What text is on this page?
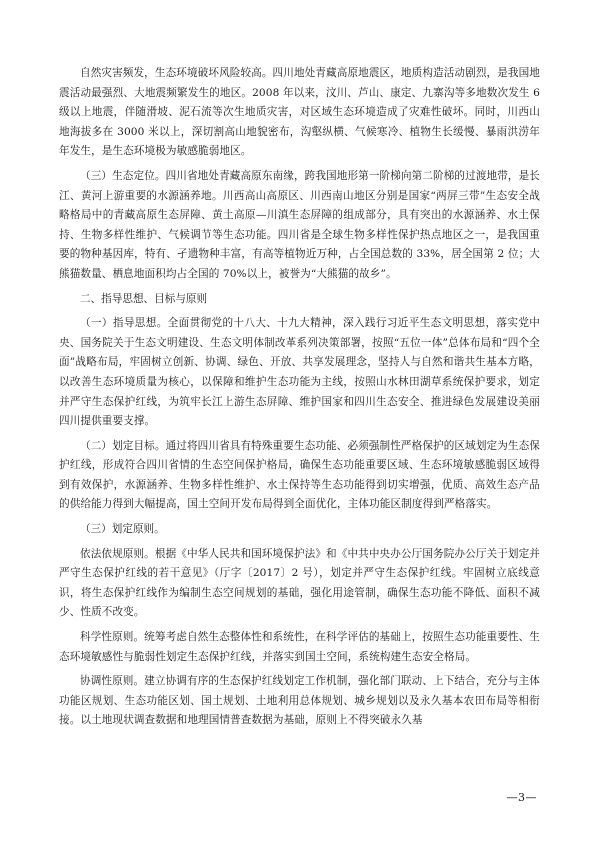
自然灾害频发，生态环境破坏风险较高。四川地处青藏高原地震区，地质构造活动剧烈，是我国地震活动最强烈、大地震频繁发生的地区。2008 年以来，汶川、芦山、康定、九寨沟等多地数次发生 6 级以上地震，伴随滑坡、泥石流等次生地质灾害，对区域生态环境造成了灾难性破坏。同时，川西山地海拔多在 3000 米以上，深切割高山地貌密布，沟壑纵横、气候寒冷、植物生长缓慢、暴雨洪涝年年发生，是生态环境极为敏感脆弱地区。

（三）生态定位。四川省地处青藏高原东南缘，跨我国地形第一阶梯向第二阶梯的过渡地带，是长江、黄河上游重要的水源涵养地。川西高山高原区、川西南山地区分别是国家“两屏三带”生态安全战略格局中的青藏高原生态屏障、黄土高原—川滇生态屏障的组成部分，具有突出的水源涵养、水土保持、生物多样性维护、气候调节等生态功能。四川省是全球生物多样性保护热点地区之一，是我国重要的物种基因库，特有、孑遗物种丰富，有高等植物近万种，占全国总数的 33%，居全国第 2 位；大熊猫数量、栖息地面积均占全国的 70%以上，被誉为“大熊猫的故乡”。

二、指导思想、目标与原则

（一）指导思想。全面贯彻党的十八大、十九大精神，深入践行习近平生态文明思想，落实党中央、国务院关于生态文明建设、生态文明体制改革系列决策部署，按照“五位一体”总体布局和“四个全面”战略布局，牢固树立创新、协调、绿色、开放、共享发展理念，坚持人与自然和谐共生基本方略，以改善生态环境质量为核心，以保障和维护生态功能为主线，按照山水林田湖草系统保护要求，划定并严守生态保护红线，为筑牢长江上游生态屏障、维护国家和四川生态安全、推进绿色发展建设美丽四川提供重要支撑。

（二）划定目标。通过将四川省具有特殊重要生态功能、必须强制性严格保护的区域划定为生态保护红线，形成符合四川省情的生态空间保护格局，确保生态功能重要区域、生态环境敏感脆弱区域得到有效保护，水源涵养、生物多样性维护、水土保持等生态功能得到切实增强，优质、高效生态产品的供给能力得到大幅提高，国土空间开发布局得到全面优化，主体功能区制度得到严格落实。

（三）划定原则。

依法依规原则。根据《中华人民共和国环境保护法》和《中共中央办公厅国务院办公厅关于划定并严守生态保护红线的若干意见》（厅字〔2017〕2 号），划定并严守生态保护红线。牢固树立底线意识，将生态保护红线作为编制生态空间规划的基础，强化用途管制，确保生态功能不降低、面积不减少、性质不改变。

科学性原则。统筹考虑自然生态整体性和系统性，在科学评估的基础上，按照生态功能重要性、生态环境敏感性与脆弱性划定生态保护红线，并落实到国土空间，系统构建生态安全格局。

协调性原则。建立协调有序的生态保护红线划定工作机制，强化部门联动、上下结合，充分与主体功能区规划、生态功能区划、国土规划、土地利用总体规划、城乡规划以及永久基本农田布局等相衔接。以土地现状调查数据和地理国情普查数据为基础，原则上不得突破永久基

—3—
